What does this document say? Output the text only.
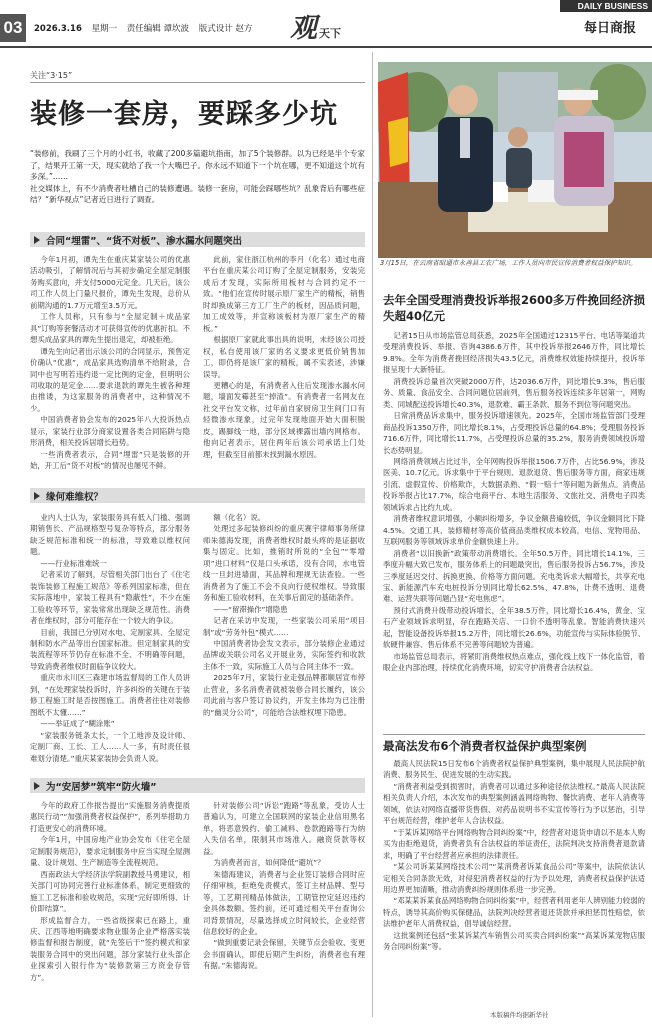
03	2026.3.16 星期一 责任编辑 谭坎波 版式设计 赵方 观天下
DAILY BUSINESS
每日商报
关注“3·15”
装修一套房，要踩多少坑
“装修前，我刷了三个月的小红书，收藏了200多篇避坑指南，加了5个装修群。以为已经是半个专家了，结果开工第一天，现实就给了我一个大嘴巴子。你永远不知道下一个坑在哪，更不知道这个坑有多深。”……
社交媒体上，有不少消费者吐槽自己的装修遭遇。装修一套房，可能会踩哪些坑？乱象背后有哪些症结？“新华视点”记者近日进行了调查。
合同“埋雷”、“货不对板”、渗水漏水问题突出

今年1月初，谭先生在重庆某家装公司的优惠活动吸引，了解情况后与其初步确定全屋定制服务购买意向，并支付5000元定金。几天后，该公司工作人员上门量尺报价，谭先生发现，总价从前期沟通的1.7万元增至3.5万元。

工作人员称，只有参与“全屋定制＋成品家具”订购等套餐活动才可获得宣传的优惠折扣。不想买成品家具的谭先生提出退定，却被拒绝。

谭先生向记者出示该公司的合同显示，预售定价确认“优惠”，成品家具选购清单不给附录，合同中也写明若违约退一定比例的定金，但明明公司收取的是定金……要求退款的谭先生被各种理由推诿，为这家服务的消费者中，这种情况不少。

中国消费者协会发布的2025年八大投诉热点显示，家装行业部分商家设置各类合同陷阱与隐形消费，相关投诉居增长趋势。

一些消费者表示，合同“埋雷”只是装修的开始，开工后“货不对板”的情况也屡见不鲜。

此前，家住浙江杭州的李月（化名）通过电商平台在重庆某公司订购了全屋定制服务，安装完成后才发现，实际所用板材与合同约定不一致。“他们在宣传时展示原厂家生产的精板，销售时却换成第三方工厂生产的板材，因品质问题，加工成效等，并宣称该板材为原厂家生产的精板。”

根据原厂家就此事出具的说明，未经该公司授权，私自使用该厂家的名义要求更低价销售加工，即仍将是该厂家的精板，属不实表述，涉嫌误导。

更糟心的是，有消费者入住后发现渗水漏水问题，墙面发霉甚至“掉渣”。有消费者一名网友在社交平台发文称，过年前自家厨房卫生间门口有轻微渗水现象，过完年发现地面开始大面积脱皮，踢脚线一地，部分区域裸露出墙内网格布。他向记者表示，居住两年后该公司承诺上门处理，但截至目前都未找到漏水原因。

缘何难维权？

业内人士认为，家装服务具有低入门槛、强调期销售长、产品规格型号复杂等特点，部分服务缺乏规范标准和统一的标准，导致难以维权问题。

——行业标准难统一

记者采访了解到，尽管相关部门出台了《住宅装饰装修工程施工规范》等系列国家标准，但在实际落地中，家装工程具有“隐蔽性”，不少在施工验收等环节，家装常常出现缺乏规范性。消费者在维权时，部分可能存在一个较大的争议。

目前，我国已分别对水电、定制家具、全屋定制和防水产品等出台国家标准。但定制家具的安装流程等环节仍存在标准不全、不明确等问题，导致消费者维权时面临争议较大。

重庆市永川区三森建市场监督局的工作人员讲到，“在处理家装投诉时，许多纠纷的关键在于装修工程施工时是否按图施工。消费者往往对装修图纸不太懂……”

——举证成了“糊涂账”

“家装服务链条太长，一个工地涉及设计师、定制厂商、工长、工人……人一多，有时责任很难划分清楚。”重庆某家装协会负责人说。

额（化名）说。

处理过多起装修纠纷的重庆赛宇律师事务所律师朱德海发现，消费者维权时最头疼的是证据收集与固定。比如，推销时所说的“全包”“零增项”进口材料”仅是口头承诺，没有合同，水电管线一旦封进墙面，其品牌和理规无法查验。一些消费者为了施工不会不良向行使权维权。导致服务和施工验收材料，在关事后面定的基础条件。

——“留滞操作”增隐患

记者在采访中发现，一些家装公司采用“项目制”或“劳务外包”模式……

中国消费者协会发文表示，部分装修企业通过品牌或关联公司名义开展业务，实际签约和收款主体不一致，实际施工人员与合同主体不一致。

2025年7月，家装行业走强品牌都顺居宣布停止营业，多名消费者就被装修合同长履约，该公司此前与客户签订协议约，开发主体均为已注册的“幽灵分公司”，可能给合法维权埋下隐患。

为“安居梦”筑牢“防火墙”

今年的政府工作报告提出“实施服务消费提质惠民行动”“加强消费者权益保护”，系列举措助力打造更安心的消费环境。

今年1月，中国房地产业协会发布《住宅全屋定制服务规范》，要求定制服务中应当实现全屋测量、设计规划、生产制造等全流程规范。

西南政法大学经济法学院副教授马勇建议，相关部门可协同完善行业标准体系，制定更细致的施工工艺标准和验收规范，实现“完好即所得、计价即结算”。

形成监督合力，一些省级探索已在路上，重庆、江西等地明确要求物业服务企业严格落实装修监督和报告制度，就“先签后干”签约模式和家装服务合同中的突出问题，部分家装行业头部企业探索引入银行作为“装修款第三方资金存管方”。

针对装修公司“诉讼”跑路”等乱象，受访人士普遍认为，可建立全国联网的家装企业信用黑名单，将恶意毁约、偷工减料、卷款跑路等行为纳入失信名单，限制其市场准入。融资贷款等权益。

为消费者而言，如何降低“避坑”？

朱德海建议，消费者与企业签订装修合同时应仔细审核，拒绝免责模式，签订主材品牌、型号等，工艺期刊精品体做法，工期管控定延迟违约金具体数额。签约前，还可通过相关平台查询公司背景情况，尽量选择成立时间较长，企业经营信息较好的企业。

“做到重要记录会保留，关键节点会验收、变更会书面确认，即使后期产生纠纷，消费者也有理有据。”朱德海说。

3月15日，在云南省昭通市永善县工农广场，工作人员向市民宣传消费者权益保护知识。
去年全国受理消费投诉举报2600多万件挽回经济损失超40亿元

记者15日从市场监管总局获悉，2025年全国通过12315平台、电话等渠道共受理消费投诉、举报、咨询4386.6万件，其中投诉举报2646万件，同比增长9.8%。全年为消费者挽回经济损失43.5亿元，消费维权效能持续提升，投诉举报呈现十大新特征。

消费投诉总量首次突破2000万件，达2036.6万件，同比增长9.3%，售后服务、质量、食品安全、合同问题位居前列，售后服务投诉连续多年居第一，网购类、同城配送投诉增长40.3%，退款难、霸王条款、服务不到位等问题突出。

日常消费品诉求集中，服务投诉增速领先。2025年，全国市场监管部门受理商品投诉1350万件，同比增长8.1%，占受理投诉总量的64.8%；受理服务投诉716.6万件，同比增长11.7%，占受理投诉总量的35.2%，服务消费领域投诉增长态势明显。

网络消费领域占比过半，全年网购投诉举报1506.7万件，占比56.9%，涉及医美、10.7亿元。诉求集中于平台规则、退款退货、售后服务等方面，商家违规引流、虚假宣传、价格欺诈，大数据杀熟、“假一赔十”等问题为新焦点。消费品投诉举报占比17.7%，综合电商平台、本地生活服务、文旅社交、消费电子四类领域诉求占比约九成。

消费者维权意识增强，小额纠纷增多，争议金额普遍较低，争议金额同比下降4.5%。交通工具、装修精材等高价值商品类维权成本较高，电信、宠物用品、互联网服务等领域诉求单价金额快速上升。

消费者“以旧换新”政策带动消费增长。全年50.5万件，同比增长14.1%，三季度升幅大致已发布，服务体系上的问题最突出，售后服务投诉占56.7%，涉及三季度延迟交付、拆换更换、价格等方面问题。充电类诉求大幅增长，共享充电宝、新能源汽车充电桩投诉分别同比增长62.5%、47.8%，计费不透明、退费难、运营失联等问题凸显“充电焦虑”。

预付式消费升级带动投诉增长，全年38.5万件，同比增长16.4%，黄金、宝石产业领域诉求明显，存在跑路关店、一口价不透明等乱象。智能消费快速兴起，智能设备投诉举报15.2万件，同比增长26.6%，功能宣传与实际体验脱节、软硬件兼容、售后体系不完善等问题较为普遍。

市场监管总局表示，将紧盯消费维权热点难点，强化线上线下一体化监管，着眼企业内部治理，持续优化消费环境，切实守护消费者合法权益。

最高法发布6个消费者权益保护典型案例

最高人民法院15日发布6个消费者权益保护典型案例，集中展现人民法院护航消费、服务民生、促进发展的生动实践。

“消费者利益受到损害时，消费者可以通过多种途径依法维权。”最高人民法院相关负责人介绍，本次发布的典型案例涵盖网络购物、餐饮消费、老年人消费等领域，依法对网络直播带货售假、对药品说明书不实宣传等行为予以惩治，引导平台规范经营，维护老年人合法权益。

“于某诉某网络平台网络购物合同纠纷案”中，经营者对退货申请以不是本人购买为由拒绝退货，消费者负有合法权益的举证责任，法院判决支持消费者退款请求，明确了平台经营者应承担的法律责任。

“某公司诉某某网络技术公司”“某消费者诉某食品公司”等案中，法院依法认定相关合同条款无效，对侵犯消费者权益的行为予以处理，消费者权益保护法适用边界更加清晰，推动消费纠纷规则体系进一步完善。

“邓某某诉某食品网络购物合同纠纷案”中，经营者利用老年人辨别能力较弱的特点，诱导其高价购买保健品，法院判决经营者退还货款并承担惩罚性赔偿，依法维护老年人消费权益，倡导诚信经营。

这批案例还包括“张某诉某汽车销售公司买卖合同纠纷案”“高某诉某宠物店服务合同纠纷案”等。

本版稿件均据新华社
